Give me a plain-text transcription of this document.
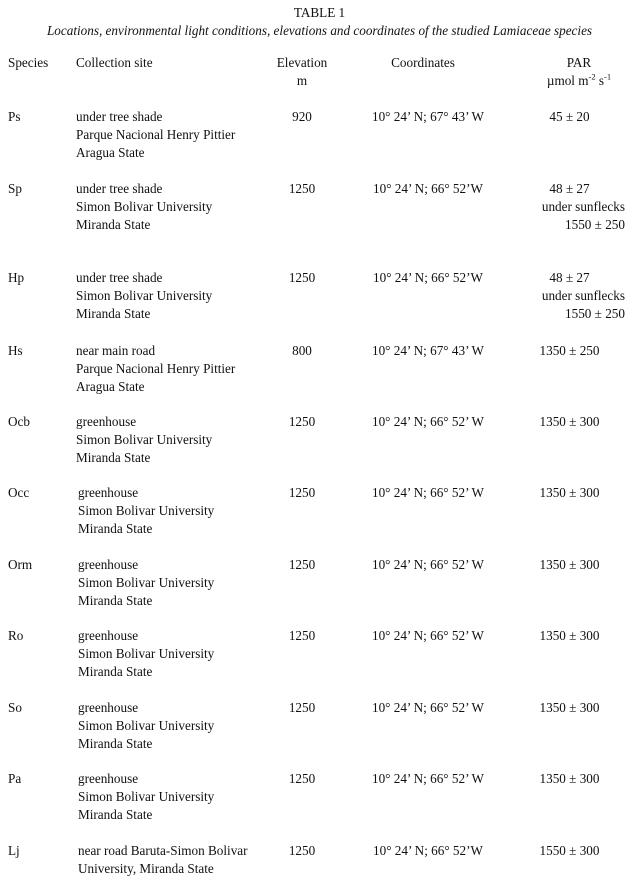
TABLE 1
Locations, environmental light conditions, elevations and coordinates of the studied Lamiaceae species
Species Collection site	Elevation
m
Coordinates	PAR
µmol $m^{-2}$ $s^{-1}$
Ps	under tree shade
Parque Nacional Henry Pittier
Aragua State
920	10° 24’ N; 67° 43’ W	45 ± 20
Sp	under tree shade
Simon Bolivar University
Miranda State
1250	10° 24’ N; 66° 52’W	48 ± 27
under sunflecks
1550 ± 250
Hp	under tree shade
Simon Bolivar University
Miranda State
1250	10° 24’ N; 66° 52’W	48 ± 27
under sunflecks
1550 ± 250
Hs	near main road
Parque Nacional Henry Pittier
Aragua State
800	10° 24’ N; 67° 43’ W	1350 ± 250
Ocb	greenhouse
Simon Bolivar University
Miranda State
1250	10° 24’ N; 66° 52’ W	1350 ± 300
Occ	greenhouse
Simon Bolivar University
Miranda State
1250	10° 24’ N; 66° 52’ W	1350 ± 300
Orm	greenhouse
Simon Bolivar University
Miranda State
1250	10° 24’ N; 66° 52’ W	1350 ± 300
Ro	greenhouse
Simon Bolivar University
Miranda State
1250	10° 24’ N; 66° 52’ W	1350 ± 300
So	greenhouse
Simon Bolivar University
Miranda State
1250	10° 24’ N; 66° 52’ W	1350 ± 300
Pa	greenhouse
Simon Bolivar University
Miranda State
1250	10° 24’ N; 66° 52’ W	1350 ± 300
Lj	near road Baruta-Simon Bolivar
University, Miranda State
1250	10° 24’ N; 66° 52’W	1550 ± 300
